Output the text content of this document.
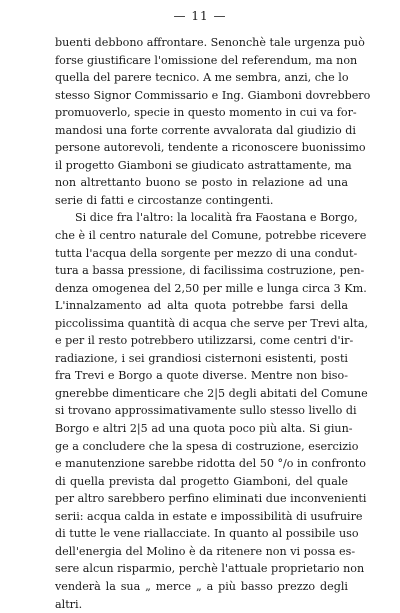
— 11 —
buenti debbono affrontare. Senonchè tale urgenza può
forse giustificare l'omissione del referendum, ma non
quella del parere tecnico. A me sembra, anzi, che lo
stesso Signor Commissario e Ing. Giamboni dovrebbero
promuoverlo, specie in questo momento in cui va for-
mandosi una forte corrente avvalorata dal giudizio di
persone autorevoli, tendente a riconoscere buonissimo
il progetto Giamboni se giudicato astrattamente, ma
non altrettanto buono se posto in relazione ad una
serie di fatti e circostanze contingenti.
Si dice fra l'altro: la località fra Faostana e Borgo,
che è il centro naturale del Comune, potrebbe ricevere
tutta l'acqua della sorgente per mezzo di una condut-
tura a bassa pressione, di facilissima costruzione, pen-
denza omogenea del 2,50 per mille e lunga circa 3 Km.
L'innalzamento ad alta quota potrebbe farsi della
piccolissima quantità di acqua che serve per Trevi alta,
e per il resto potrebbero utilizzarsi, come centri d'ir-
radiazione, i sei grandiosi cisternoni esistenti, posti
fra Trevi e Borgo a quote diverse. Mentre non biso-
gnerebbe dimenticare che 2|5 degli abitati del Comune
si trovano approssimativamente sullo stesso livello di
Borgo e altri 2|5 ad una quota poco più alta. Si giun-
ge a concludere che la spesa di costruzione, esercizio
e manutenzione sarebbe ridotta del 50 °/o in confronto
di quella prevista dal progetto Giamboni, del quale
per altro sarebbero perfino eliminati due inconvenienti
serii: acqua calda in estate e impossibilità di usufruire
di tutte le vene riallacciate. In quanto al possibile uso
dell'energia del Molino è da ritenere non vi possa es-
sere alcun risparmio, perchè l'attuale proprietario non
venderà la sua „ merce „ a più basso prezzo degli
altri.
